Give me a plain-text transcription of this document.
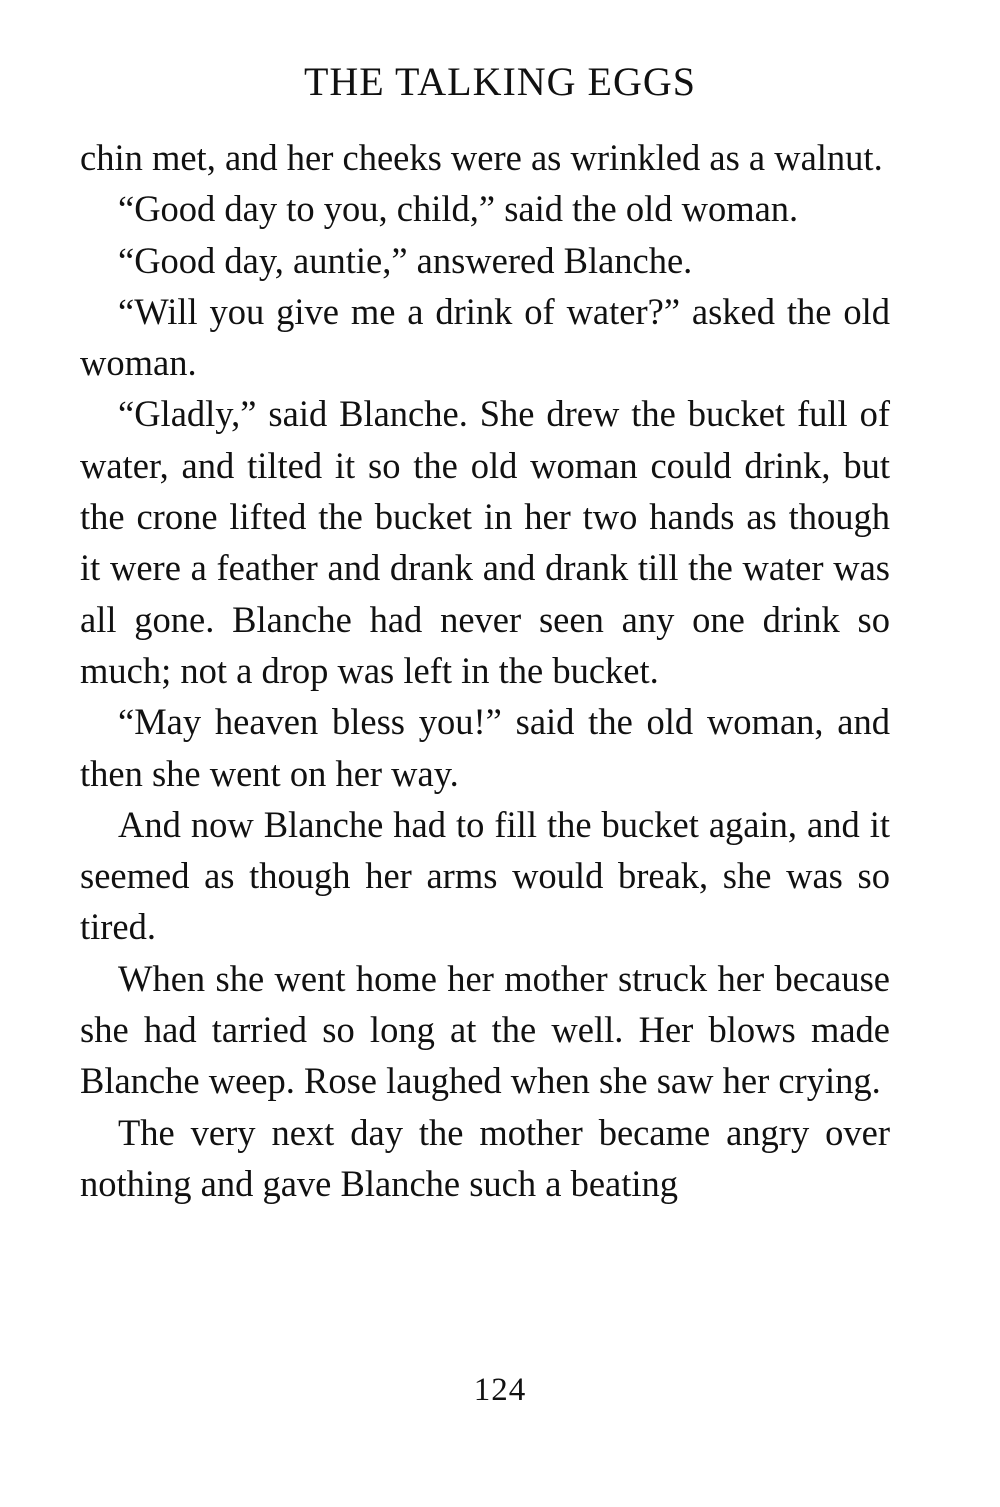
THE TALKING EGGS

chin met, and her cheeks were as wrinkled as a walnut.

“Good day to you, child,” said the old woman.

“Good day, auntie,” answered Blanche.

“Will you give me a drink of water?” asked the old woman.

“Gladly,” said Blanche. She drew the bucket full of water, and tilted it so the old woman could drink, but the crone lifted the bucket in her two hands as though it were a feather and drank and drank till the water was all gone. Blanche had never seen any one drink so much; not a drop was left in the bucket.

“May heaven bless you!” said the old woman, and then she went on her way.

And now Blanche had to fill the bucket again, and it seemed as though her arms would break, she was so tired.

When she went home her mother struck her because she had tarried so long at the well. Her blows made Blanche weep. Rose laughed when she saw her crying.

The very next day the mother became angry over nothing and gave Blanche such a beating

124
